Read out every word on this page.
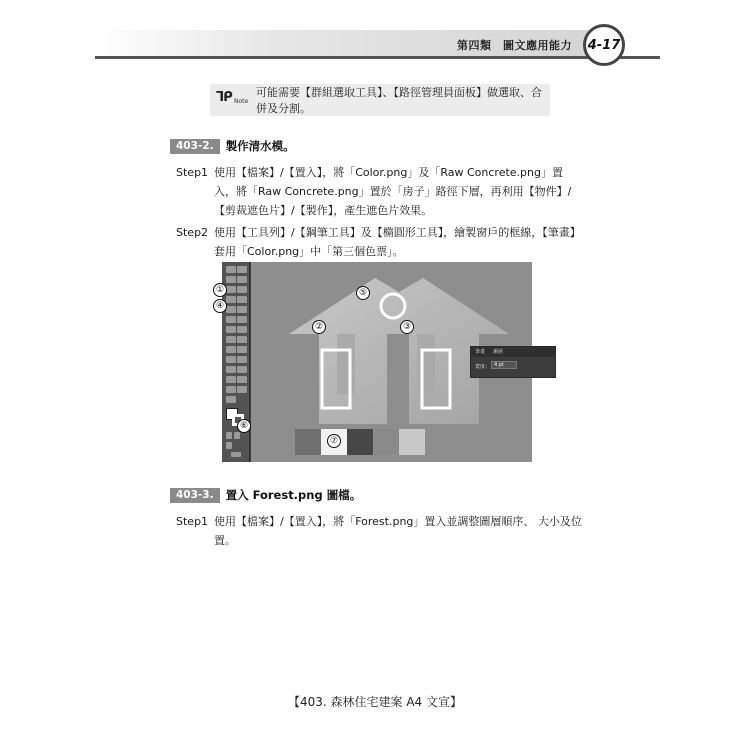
第四類　圖文應用能力 4-17
ᒣᑭ Note
可能需要【群組選取工具】、【路徑管理員面板】做選取、合併及分割。
403-2.	製作清水模。
Step1 使用【檔案】/【置入】，將「Color.png」及「Raw Concrete.png」置入，將「Raw Concrete.png」置於「房子」路徑下層，再利用【物件】/【剪裁遮色片】/【製作】，產生遮色片效果。
Step2 使用【工具列】/【鋼筆工具】及【橢圓形工具】，繪製窗戶的框線，【筆畫】套用「Color.png」中「第三個色票」。
筆畫 漸層
寬度： 4 pt
①
④
⑤
②	③
⑥
⑦
403-3.	置入 Forest.png 圖檔。
Step1 使用【檔案】/【置入】，將「Forest.png」置入並調整圖層順序、 大小及位置。
【403. 森林住宅建案 A4 文宣】
